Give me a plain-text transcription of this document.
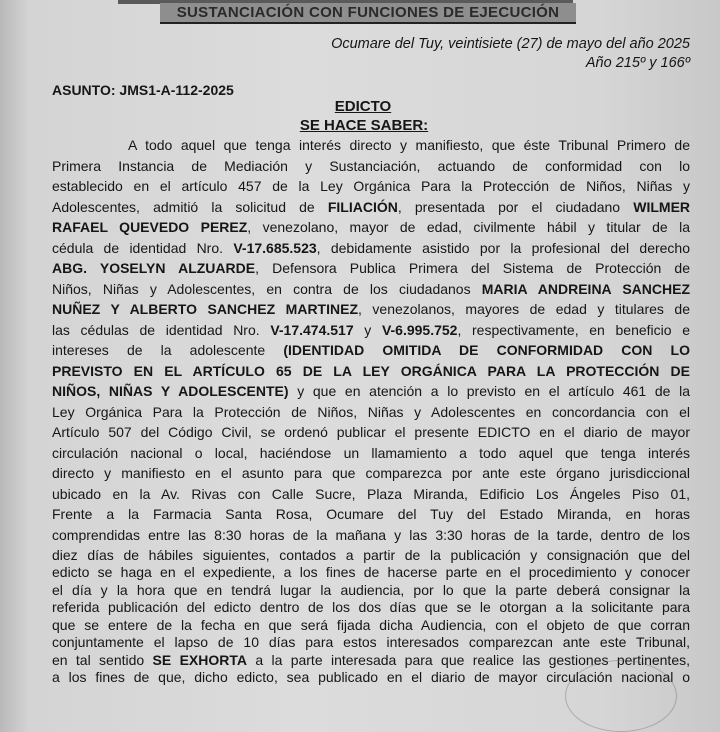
SUSTANCIACIÓN CON FUNCIONES DE EJECUCIÓN
Ocumare del Tuy, veintisiete (27) de mayo del año 2025
Año 215º y 166º
ASUNTO: JMS1-A-112-2025
EDICTO
SE HACE SABER:
A todo aquel que tenga interés directo y manifiesto, que éste Tribunal Primero de
Primera Instancia de Mediación y Sustanciación, actuando de conformidad con lo
establecido en el artículo 457 de la Ley Orgánica Para la Protección de Niños, Niñas y
Adolescentes, admitió la solicitud de FILIACIÓN, presentada por el ciudadano WILMER
RAFAEL QUEVEDO PEREZ, venezolano, mayor de edad, civilmente hábil y titular de la
cédula de identidad Nro. V-17.685.523, debidamente asistido por la profesional del derecho
ABG. YOSELYN ALZUARDE, Defensora Publica Primera del Sistema de Protección de
Niños, Niñas y Adolescentes, en contra de los ciudadanos MARIA ANDREINA SANCHEZ
NUÑEZ Y ALBERTO SANCHEZ MARTINEZ, venezolanos, mayores de edad y titulares de
las cédulas de identidad Nro. V-17.474.517 y V-6.995.752, respectivamente, en beneficio e
intereses de la adolescente (IDENTIDAD OMITIDA DE CONFORMIDAD CON LO
PREVISTO EN EL ARTÍCULO 65 DE LA LEY ORGÁNICA PARA LA PROTECCIÓN DE
NIÑOS, NIÑAS Y ADOLESCENTE) y que en atención a lo previsto en el artículo 461 de la
Ley Orgánica Para la Protección de Niños, Niñas y Adolescentes en concordancia con el
Artículo 507 del Código Civil, se ordenó publicar el presente EDICTO en el diario de mayor
circulación nacional o local, haciéndose un llamamiento a todo aquel que tenga interés
directo y manifiesto en el asunto para que comparezca por ante este órgano jurisdiccional
ubicado en la Av. Rivas con Calle Sucre, Plaza Miranda, Edificio Los Ángeles Piso 01,
Frente a la Farmacia Santa Rosa, Ocumare del Tuy del Estado Miranda, en horas
comprendidas entre las 8:30 horas de la mañana y las 3:30 horas de la tarde, dentro de los
diez días de hábiles siguientes, contados a partir de la publicación y consignación que del
edicto se haga en el expediente, a los fines de hacerse parte en el procedimiento y conocer
el día y la hora que en tendrá lugar la audiencia, por lo que la parte deberá consignar la
referida publicación del edicto dentro de los dos días que se le otorgan a la solicitante para
que se entere de la fecha en que será fijada dicha Audiencia, con el objeto de que corran
conjuntamente el lapso de 10 días para estos interesados comparezcan ante este Tribunal,
en tal sentido SE EXHORTA a la parte interesada para que realice las gestiones pertinentes,
a los fines de que, dicho edicto, sea publicado en el diario de mayor circulación nacional o
